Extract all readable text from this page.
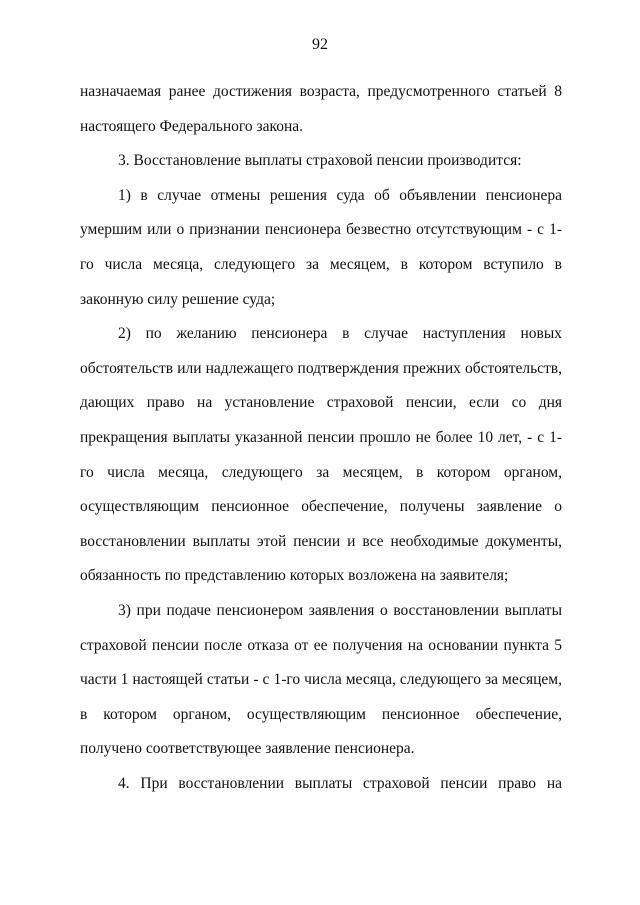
92

назначаемая ранее достижения возраста, предусмотренного статьей 8 настоящего Федерального закона.

3. Восстановление выплаты страховой пенсии производится:

1) в случае отмены решения суда об объявлении пенсионера умершим или о признании пенсионера безвестно отсутствующим - с 1-го числа месяца, следующего за месяцем, в котором вступило в законную силу решение суда;

2) по желанию пенсионера в случае наступления новых обстоятельств или надлежащего подтверждения прежних обстоятельств, дающих право на установление страховой пенсии, если со дня прекращения выплаты указанной пенсии прошло не более 10 лет, - с 1-го числа месяца, следующего за месяцем, в котором органом, осуществляющим пенсионное обеспечение, получены заявление о восстановлении выплаты этой пенсии и все необходимые документы, обязанность по представлению которых возложена на заявителя;

3) при подаче пенсионером заявления о восстановлении выплаты страховой пенсии после отказа от ее получения на основании пункта 5 части 1 настоящей статьи - с 1-го числа месяца, следующего за месяцем, в котором органом, осуществляющим пенсионное обеспечение, получено соответствующее заявление пенсионера.

4. При восстановлении выплаты страховой пенсии право на
